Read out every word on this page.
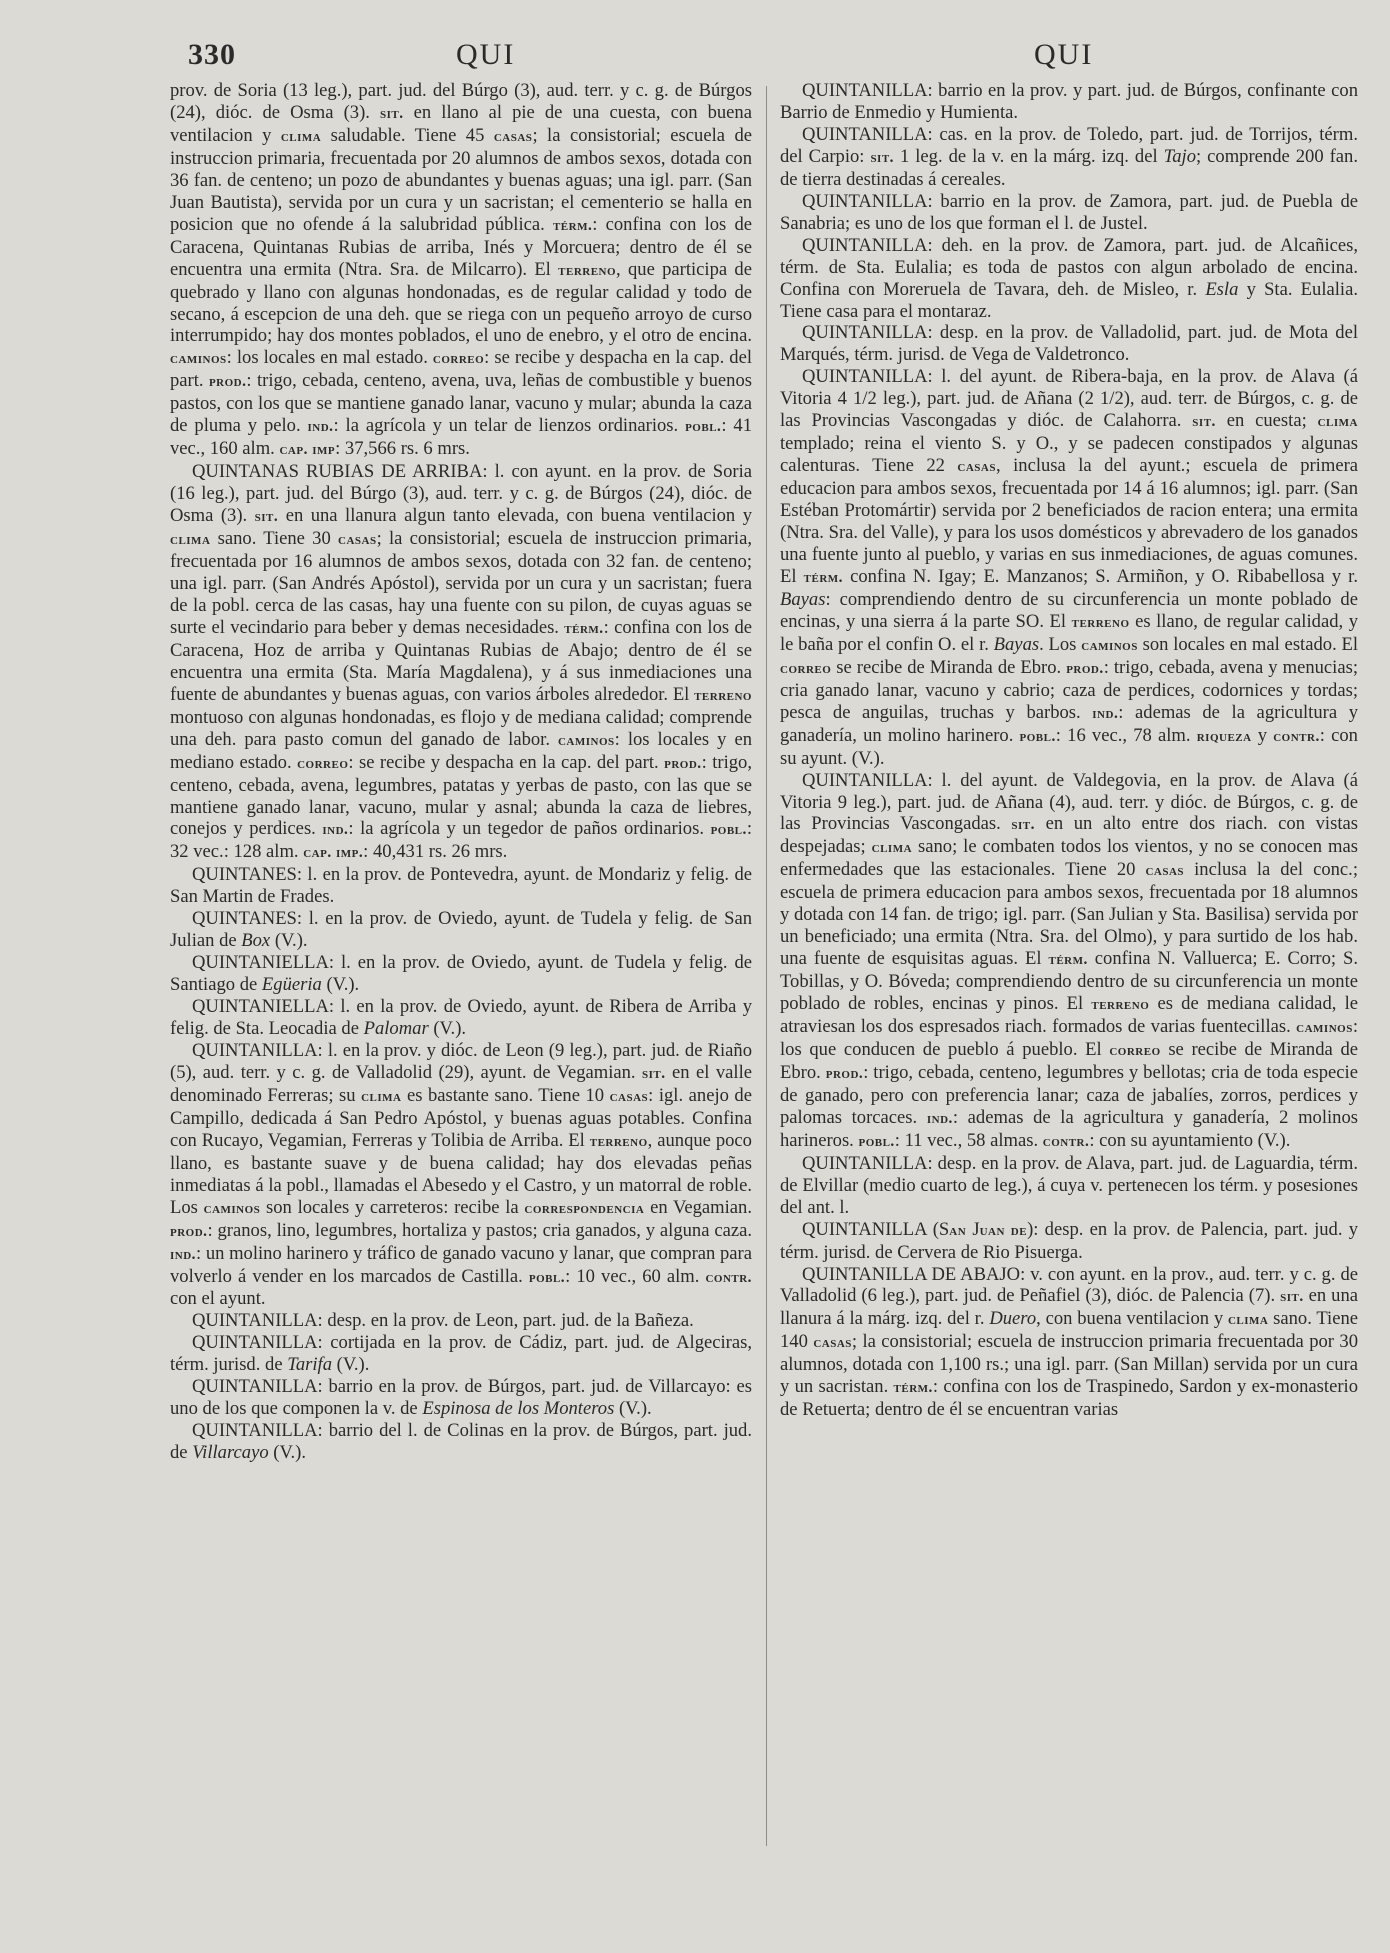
330	QUI	QUI

prov. de Soria (13 leg.), part. jud. del Búrgo (3), aud. terr. y c. g. de Búrgos (24), dióc. de Osma (3). sit. en llano al pie de una cuesta, con buena ventilacion y clima saludable. Tiene 45 casas; la consistorial; escuela de instruccion primaria, frecuentada por 20 alumnos de ambos sexos, dotada con 36 fan. de centeno; un pozo de abundantes y buenas aguas; una igl. parr. (San Juan Bautista), servida por un cura y un sacristan; el cementerio se halla en posicion que no ofende á la salubridad pública. térm.: confina con los de Caracena, Quintanas Rubias de arriba, Inés y Morcuera; dentro de él se encuentra una ermita (Ntra. Sra. de Milcarro). El terreno, que participa de quebrado y llano con algunas hondonadas, es de regular calidad y todo de secano, á escepcion de una deh. que se riega con un pequeño arroyo de curso interrumpido; hay dos montes poblados, el uno de enebro, y el otro de encina. caminos: los locales en mal estado. correo: se recibe y despacha en la cap. del part. prod.: trigo, cebada, centeno, avena, uva, leñas de combustible y buenos pastos, con los que se mantiene ganado lanar, vacuno y mular; abunda la caza de pluma y pelo. ind.: la agrícola y un telar de lienzos ordinarios. pobl.: 41 vec., 160 alm. cap. imp: 37,566 rs. 6 mrs.

QUINTANAS RUBIAS DE ARRIBA: l. con ayunt. en la prov. de Soria (16 leg.), part. jud. del Búrgo (3), aud. terr. y c. g. de Búrgos (24), dióc. de Osma (3). sit. en una llanura algun tanto elevada, con buena ventilacion y clima sano. Tiene 30 casas; la consistorial; escuela de instruccion primaria, frecuentada por 16 alumnos de ambos sexos, dotada con 32 fan. de centeno; una igl. parr. (San Andrés Apóstol), servida por un cura y un sacristan; fuera de la pobl. cerca de las casas, hay una fuente con su pilon, de cuyas aguas se surte el vecindario para beber y demas necesidades. térm.: confina con los de Caracena, Hoz de arriba y Quintanas Rubias de Abajo; dentro de él se encuentra una ermita (Sta. María Magdalena), y á sus inmediaciones una fuente de abundantes y buenas aguas, con varios árboles alrededor. El terreno montuoso con algunas hondonadas, es flojo y de mediana calidad; comprende una deh. para pasto comun del ganado de labor. caminos: los locales y en mediano estado. correo: se recibe y despacha en la cap. del part. prod.: trigo, centeno, cebada, avena, legumbres, patatas y yerbas de pasto, con las que se mantiene ganado lanar, vacuno, mular y asnal; abunda la caza de liebres, conejos y perdices. ind.: la agrícola y un tegedor de paños ordinarios. pobl.: 32 vec.: 128 alm. cap. imp.: 40,431 rs. 26 mrs.

QUINTANES: l. en la prov. de Pontevedra, ayunt. de Mondariz y felig. de San Martin de Frades.

QUINTANES: l. en la prov. de Oviedo, ayunt. de Tudela y felig. de San Julian de Box (V.).

QUINTANIELLA: l. en la prov. de Oviedo, ayunt. de Tudela y felig. de Santiago de Egüeria (V.).

QUINTANIELLA: l. en la prov. de Oviedo, ayunt. de Ribera de Arriba y felig. de Sta. Leocadia de Palomar (V.).

QUINTANILLA: l. en la prov. y dióc. de Leon (9 leg.), part. jud. de Riaño (5), aud. terr. y c. g. de Valladolid (29), ayunt. de Vegamian. sit. en el valle denominado Ferreras; su clima es bastante sano. Tiene 10 casas: igl. anejo de Campillo, dedicada á San Pedro Apóstol, y buenas aguas potables. Confina con Rucayo, Vegamian, Ferreras y Tolibia de Arriba. El terreno, aunque poco llano, es bastante suave y de buena calidad; hay dos elevadas peñas inmediatas á la pobl., llamadas el Abesedo y el Castro, y un matorral de roble. Los caminos son locales y carreteros: recibe la correspondencia en Vegamian. prod.: granos, lino, legumbres, hortaliza y pastos; cria ganados, y alguna caza. ind.: un molino harinero y tráfico de ganado vacuno y lanar, que compran para volverlo á vender en los marcados de Castilla. pobl.: 10 vec., 60 alm. contr. con el ayunt.

QUINTANILLA: desp. en la prov. de Leon, part. jud. de la Bañeza.

QUINTANILLA: cortijada en la prov. de Cádiz, part. jud. de Algeciras, térm. jurisd. de Tarifa (V.).

QUINTANILLA: barrio en la prov. de Búrgos, part. jud. de Villarcayo: es uno de los que componen la v. de Espinosa de los Monteros (V.).

QUINTANILLA: barrio del l. de Colinas en la prov. de Búrgos, part. jud. de Villarcayo (V.).

QUINTANILLA: barrio en la prov. y part. jud. de Búrgos, confinante con Barrio de Enmedio y Humienta.

QUINTANILLA: cas. en la prov. de Toledo, part. jud. de Torrijos, térm. del Carpio: sit. 1 leg. de la v. en la márg. izq. del Tajo; comprende 200 fan. de tierra destinadas á cereales.

QUINTANILLA: barrio en la prov. de Zamora, part. jud. de Puebla de Sanabria; es uno de los que forman el l. de Justel.

QUINTANILLA: deh. en la prov. de Zamora, part. jud. de Alcañices, térm. de Sta. Eulalia; es toda de pastos con algun arbolado de encina. Confina con Moreruela de Tavara, deh. de Misleo, r. Esla y Sta. Eulalia. Tiene casa para el montaraz.

QUINTANILLA: desp. en la prov. de Valladolid, part. jud. de Mota del Marqués, térm. jurisd. de Vega de Valdetronco.

QUINTANILLA: l. del ayunt. de Ribera-baja, en la prov. de Alava (á Vitoria 4 1/2 leg.), part. jud. de Añana (2 1/2), aud. terr. de Búrgos, c. g. de las Provincias Vascongadas y dióc. de Calahorra. sit. en cuesta; clima templado; reina el viento S. y O., y se padecen constipados y algunas calenturas. Tiene 22 casas, inclusa la del ayunt.; escuela de primera educacion para ambos sexos, frecuentada por 14 á 16 alumnos; igl. parr. (San Estéban Protomártir) servida por 2 beneficiados de racion entera; una ermita (Ntra. Sra. del Valle), y para los usos domésticos y abrevadero de los ganados una fuente junto al pueblo, y varias en sus inmediaciones, de aguas comunes. El térm. confina N. Igay; E. Manzanos; S. Armiñon, y O. Ribabellosa y r. Bayas: comprendiendo dentro de su circunferencia un monte poblado de encinas, y una sierra á la parte SO. El terreno es llano, de regular calidad, y le baña por el confin O. el r. Bayas. Los caminos son locales en mal estado. El correo se recibe de Miranda de Ebro. prod.: trigo, cebada, avena y menucias; cria ganado lanar, vacuno y cabrio; caza de perdices, codornices y tordas; pesca de anguilas, truchas y barbos. ind.: ademas de la agricultura y ganadería, un molino harinero. pobl.: 16 vec., 78 alm. riqueza y contr.: con su ayunt. (V.).

QUINTANILLA: l. del ayunt. de Valdegovia, en la prov. de Alava (á Vitoria 9 leg.), part. jud. de Añana (4), aud. terr. y dióc. de Búrgos, c. g. de las Provincias Vascongadas. sit. en un alto entre dos riach. con vistas despejadas; clima sano; le combaten todos los vientos, y no se conocen mas enfermedades que las estacionales. Tiene 20 casas inclusa la del conc.; escuela de primera educacion para ambos sexos, frecuentada por 18 alumnos y dotada con 14 fan. de trigo; igl. parr. (San Julian y Sta. Basilisa) servida por un beneficiado; una ermita (Ntra. Sra. del Olmo), y para surtido de los hab. una fuente de esquisitas aguas. El térm. confina N. Valluerca; E. Corro; S. Tobillas, y O. Bóveda; comprendiendo dentro de su circunferencia un monte poblado de robles, encinas y pinos. El terreno es de mediana calidad, le atraviesan los dos espresados riach. formados de varias fuentecillas. caminos: los que conducen de pueblo á pueblo. El correo se recibe de Miranda de Ebro. prod.: trigo, cebada, centeno, legumbres y bellotas; cria de toda especie de ganado, pero con preferencia lanar; caza de jabalíes, zorros, perdices y palomas torcaces. ind.: ademas de la agricultura y ganadería, 2 molinos harineros. pobl.: 11 vec., 58 almas. contr.: con su ayuntamiento (V.).

QUINTANILLA: desp. en la prov. de Alava, part. jud. de Laguardia, térm. de Elvillar (medio cuarto de leg.), á cuya v. pertenecen los térm. y posesiones del ant. l.

QUINTANILLA (San Juan de): desp. en la prov. de Palencia, part. jud. y térm. jurisd. de Cervera de Rio Pisuerga.

QUINTANILLA DE ABAJO: v. con ayunt. en la prov., aud. terr. y c. g. de Valladolid (6 leg.), part. jud. de Peñafiel (3), dióc. de Palencia (7). sit. en una llanura á la márg. izq. del r. Duero, con buena ventilacion y clima sano. Tiene 140 casas; la consistorial; escuela de instruccion primaria frecuentada por 30 alumnos, dotada con 1,100 rs.; una igl. parr. (San Millan) servida por un cura y un sacristan. térm.: confina con los de Traspinedo, Sardon y ex-monasterio de Retuerta; dentro de él se encuentran varias
